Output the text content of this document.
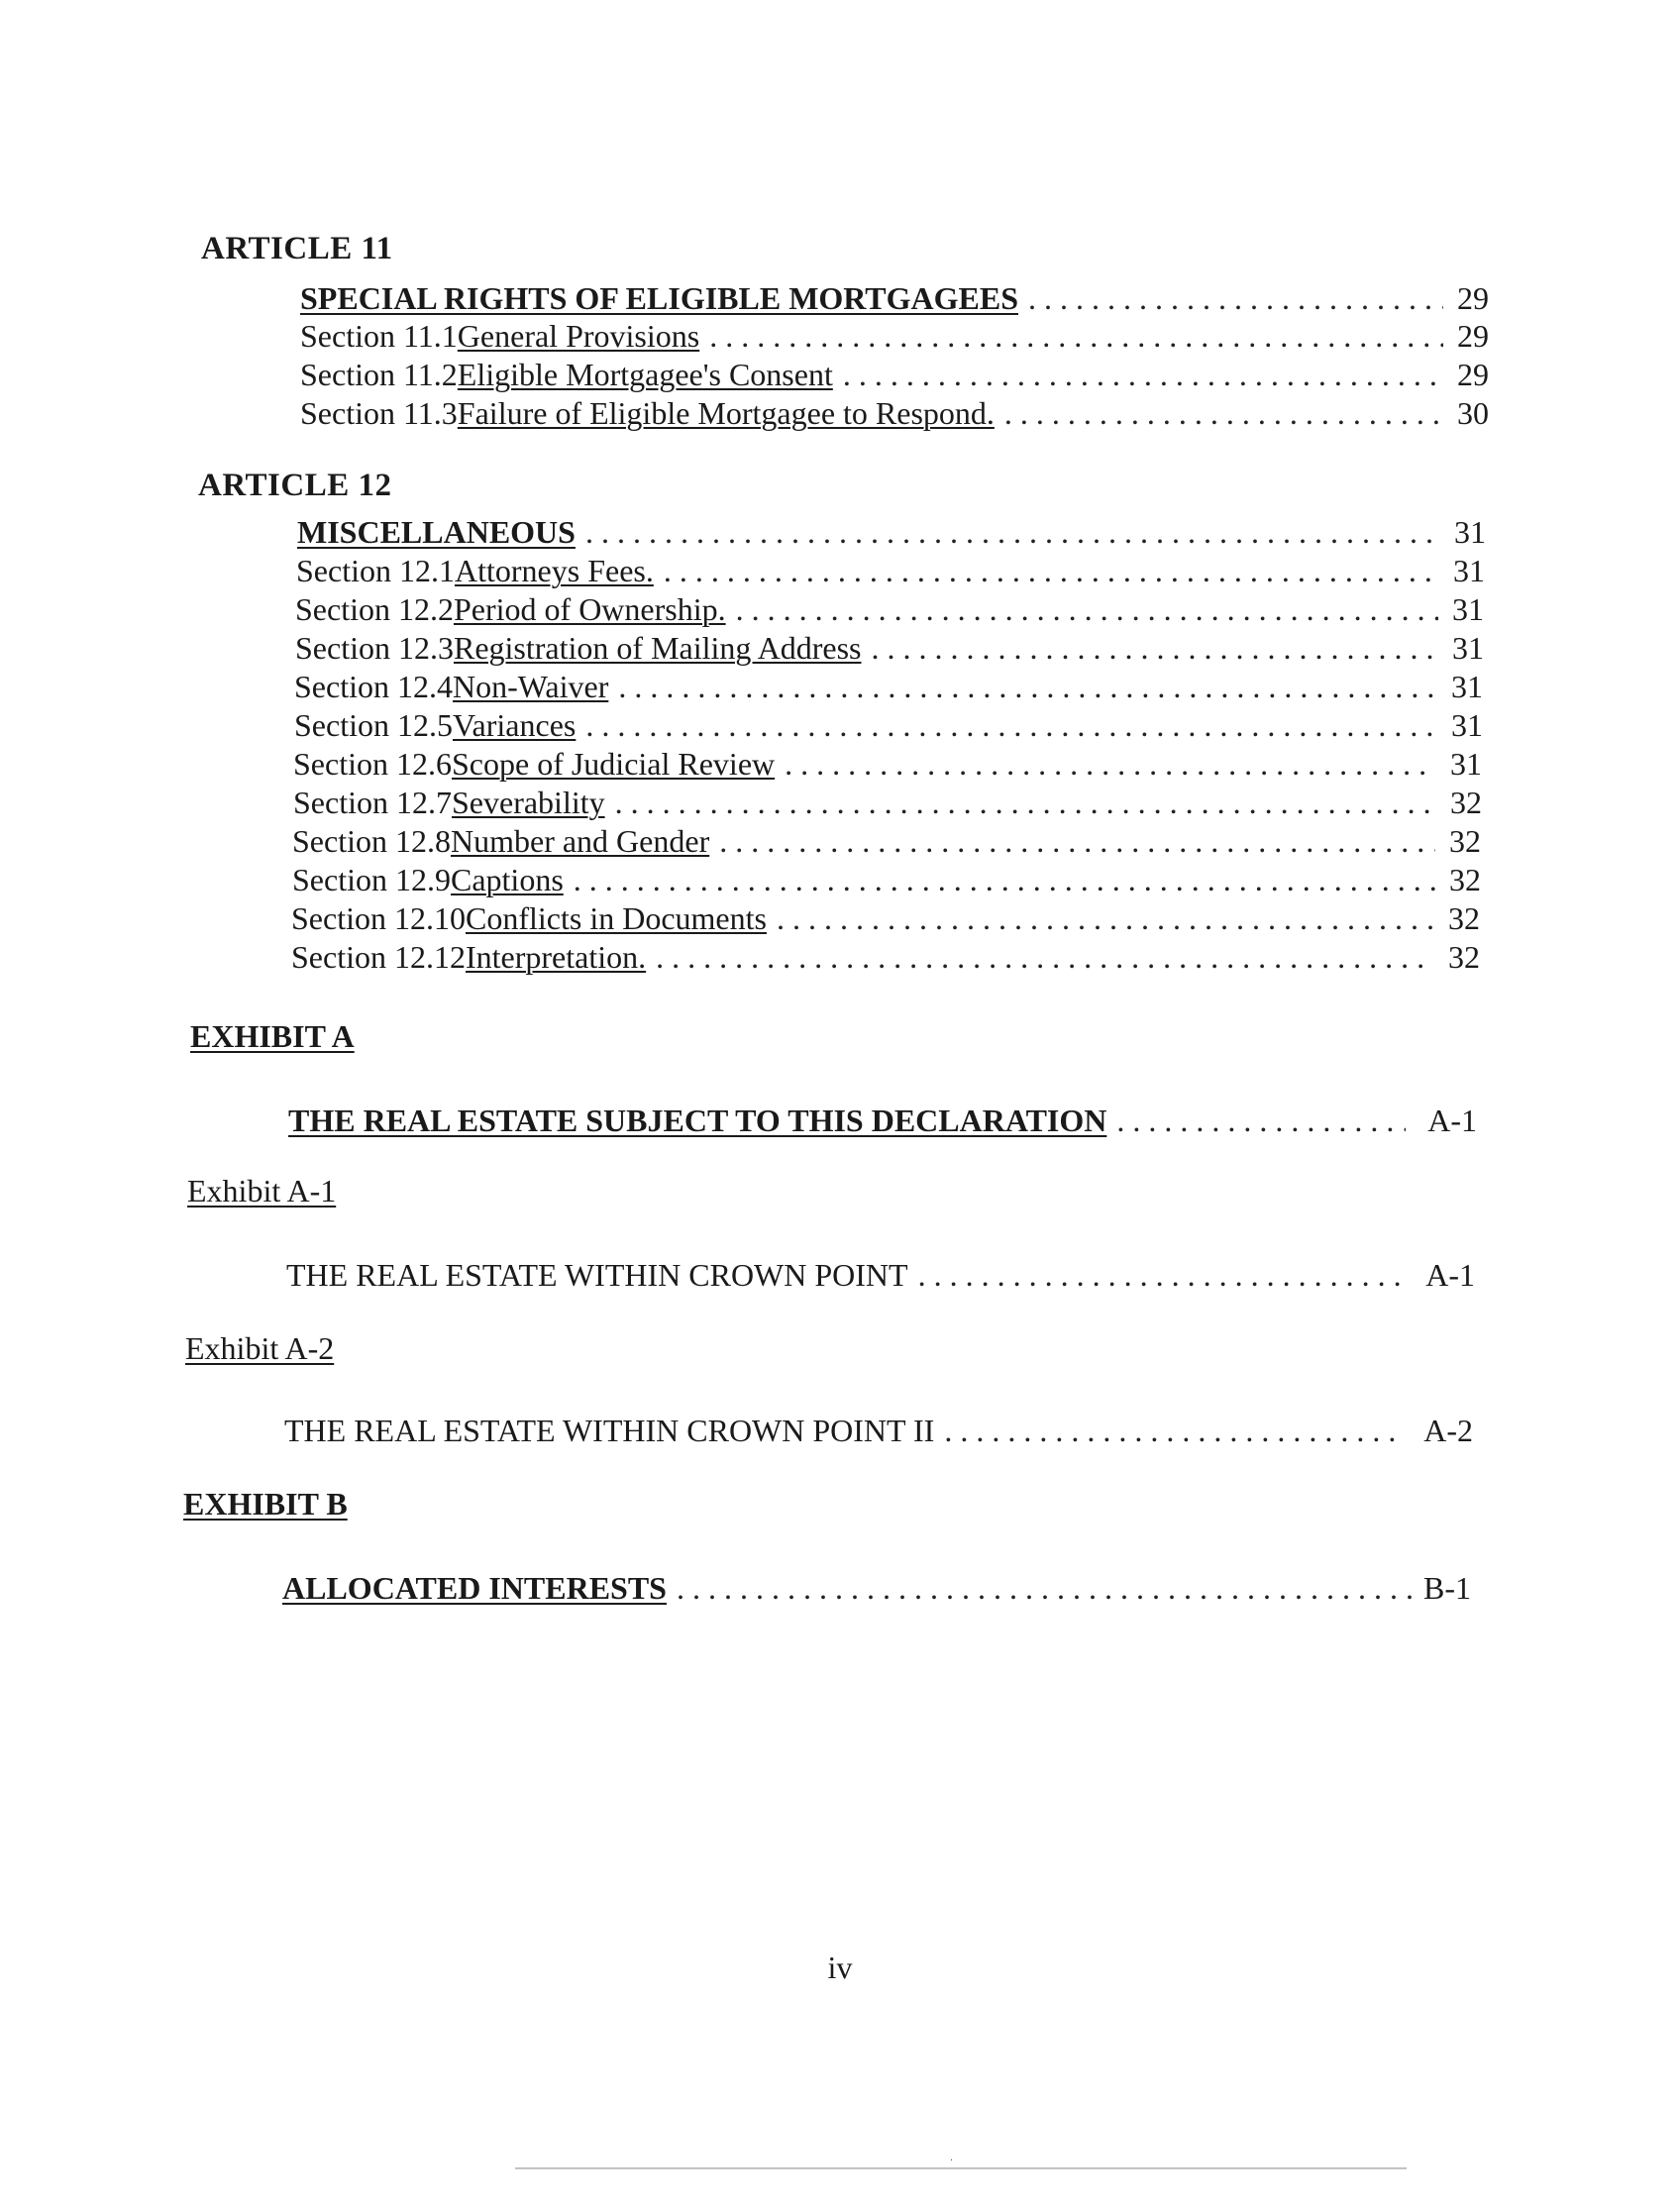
ARTICLE 11
SPECIAL RIGHTS OF ELIGIBLE MORTGAGEES . . .	29
Section 11.1 General Provisions . . .	29
Section 11.2 Eligible Mortgagee's Consent . . .	29
Section 11.3 Failure of Eligible Mortgagee to Respond. . . .	30
ARTICLE 12
MISCELLANEOUS . . .	31
Section 12.1 Attorneys Fees. . . .	31
Section 12.2 Period of Ownership. . . .	31
Section 12.3 Registration of Mailing Address . . .	31
Section 12.4 Non-Waiver . . .	31
Section 12.5 Variances . . .	31
Section 12.6 Scope of Judicial Review . . .	31
Section 12.7 Severability . . .	32
Section 12.8 Number and Gender . . .	32
Section 12.9 Captions . . .	32
Section 12.10 Conflicts in Documents . . .	32
Section 12.12 Interpretation. . . .	32
EXHIBIT A
THE REAL ESTATE SUBJECT TO THIS DECLARATION . . .	A-1
Exhibit A-1
THE REAL ESTATE WITHIN CROWN POINT . . .	A-1
Exhibit A-2
THE REAL ESTATE WITHIN CROWN POINT II . . .	A-2
EXHIBIT B
ALLOCATED INTERESTS . . .	B-1
iv
